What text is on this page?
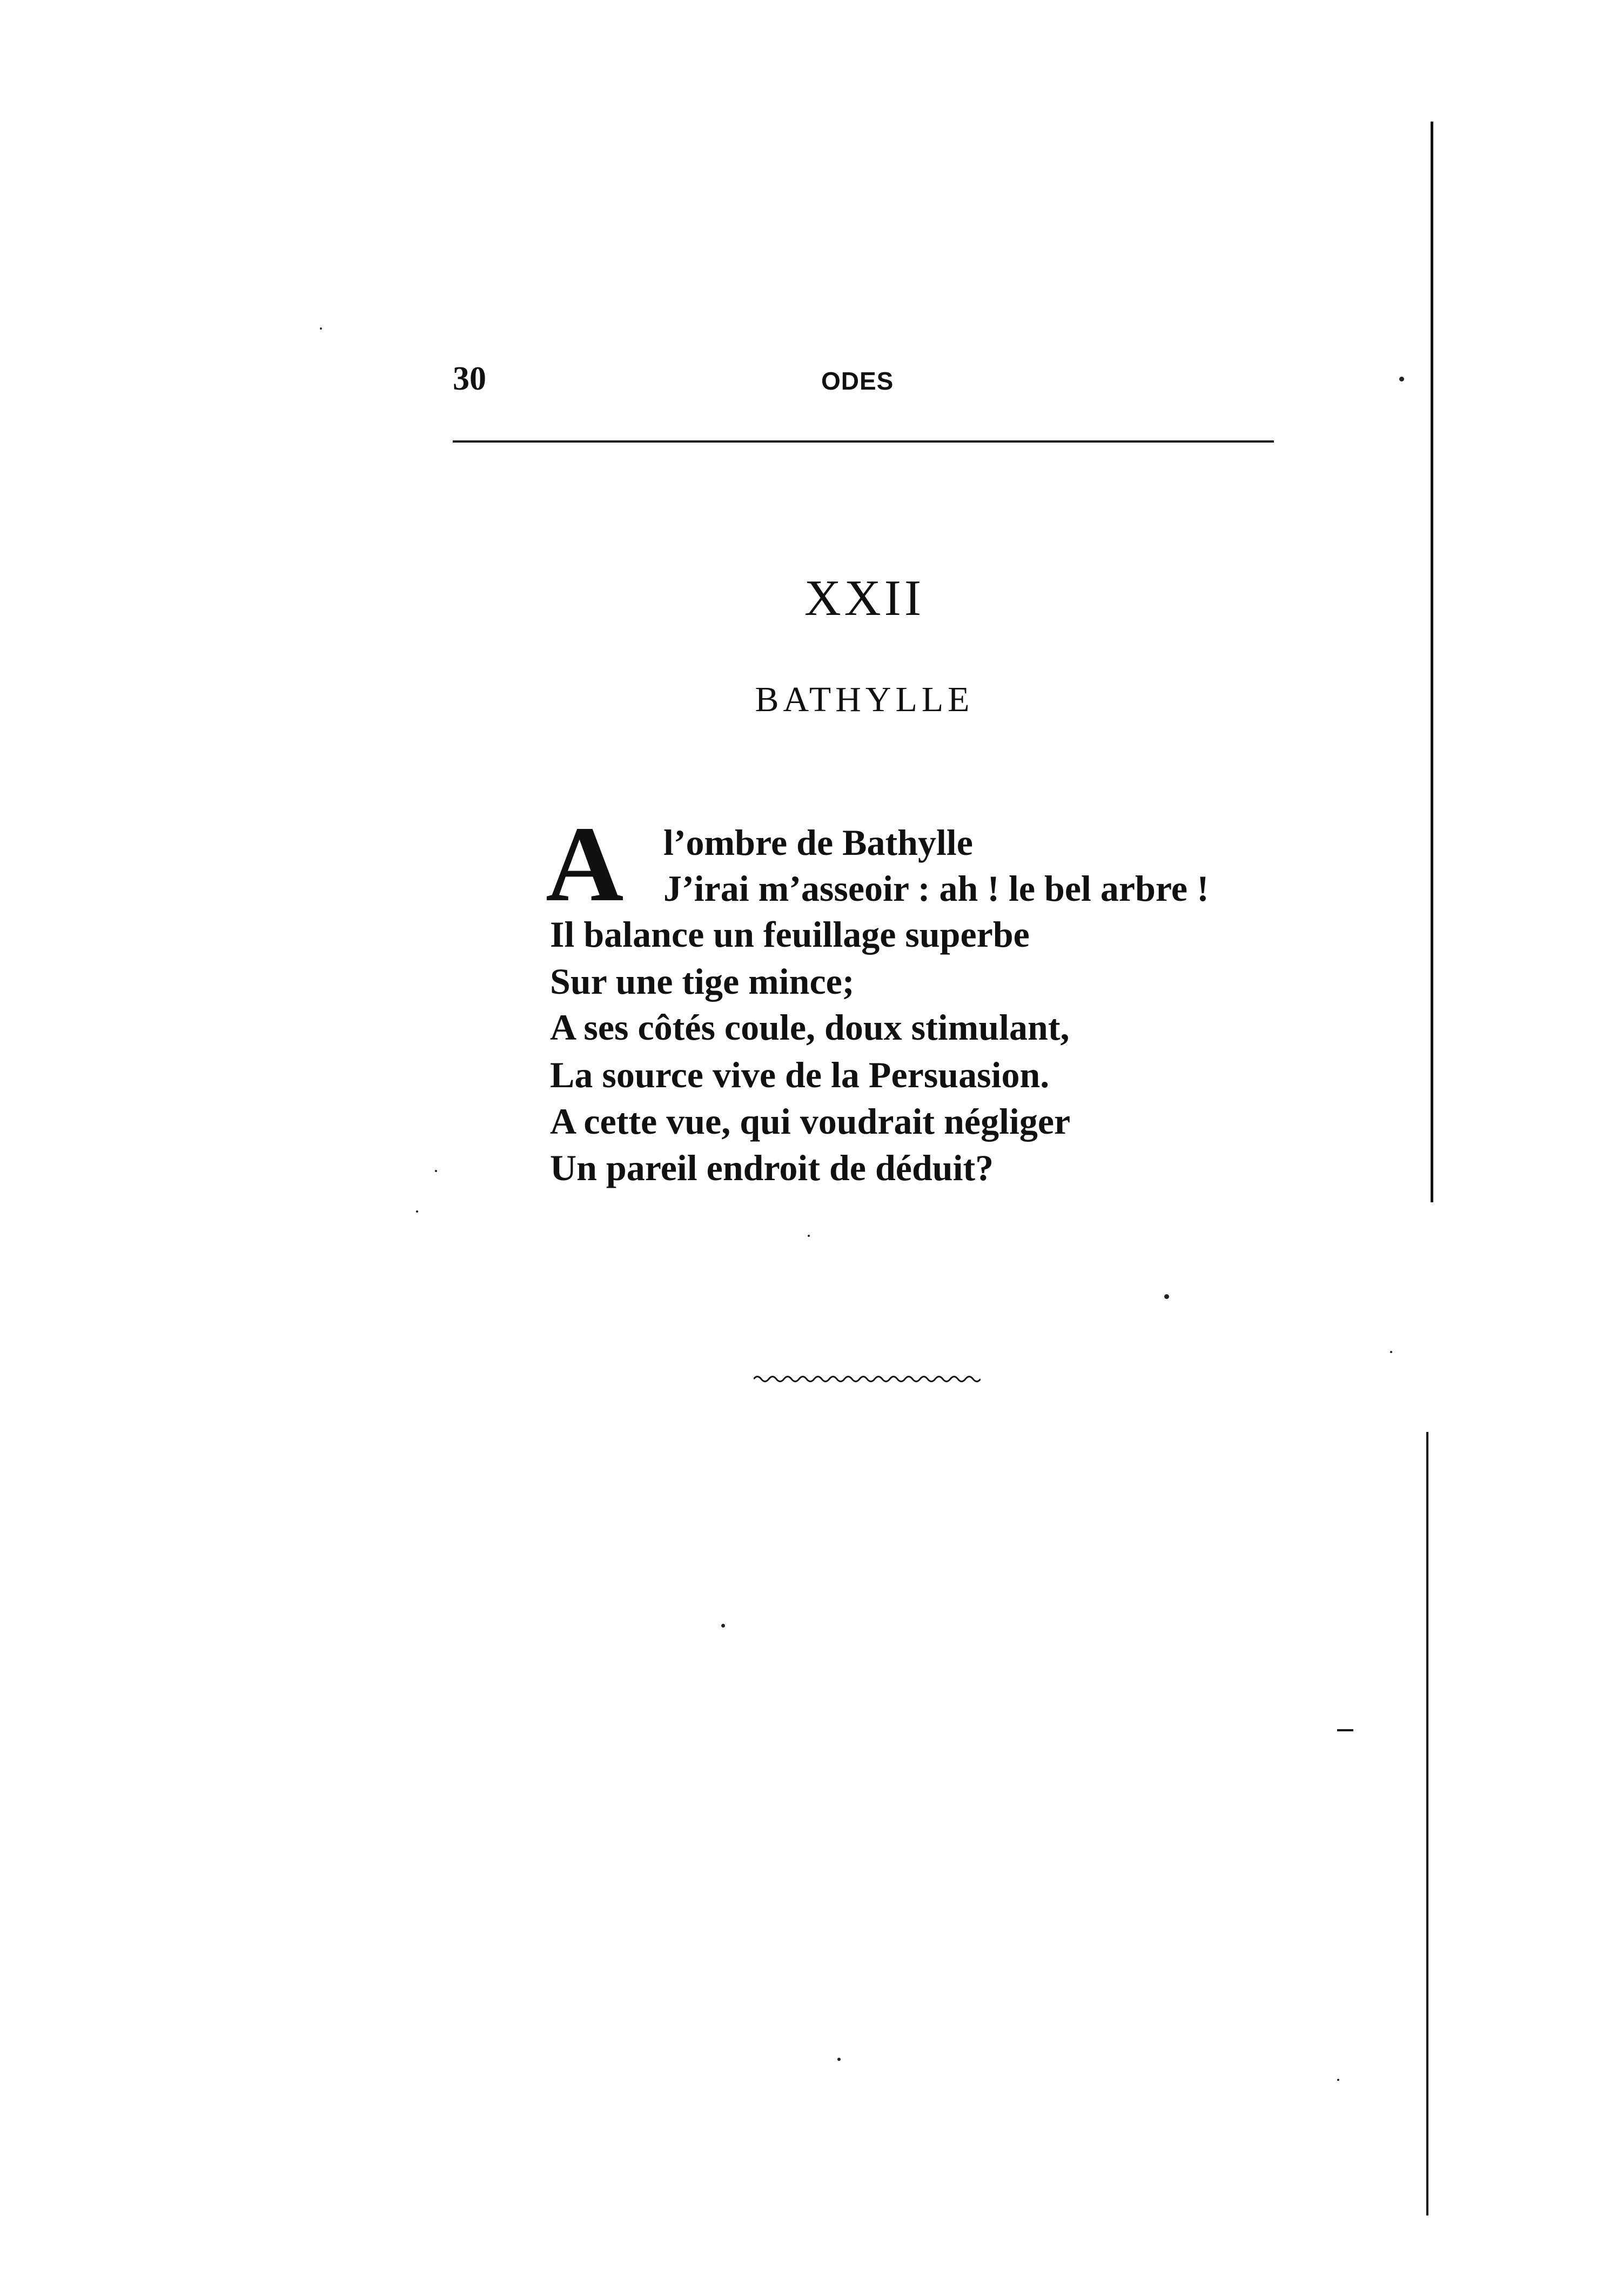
30	ODES
XXII
BATHYLLE
A l’ombre de Bathylle
J’irai m’asseoir : ah ! le bel arbre !
Il balance un feuillage superbe
Sur une tige mince;
A ses côtés coule, doux stimulant,
La source vive de la Persuasion.
A cette vue, qui voudrait négliger
Un pareil endroit de déduit?
